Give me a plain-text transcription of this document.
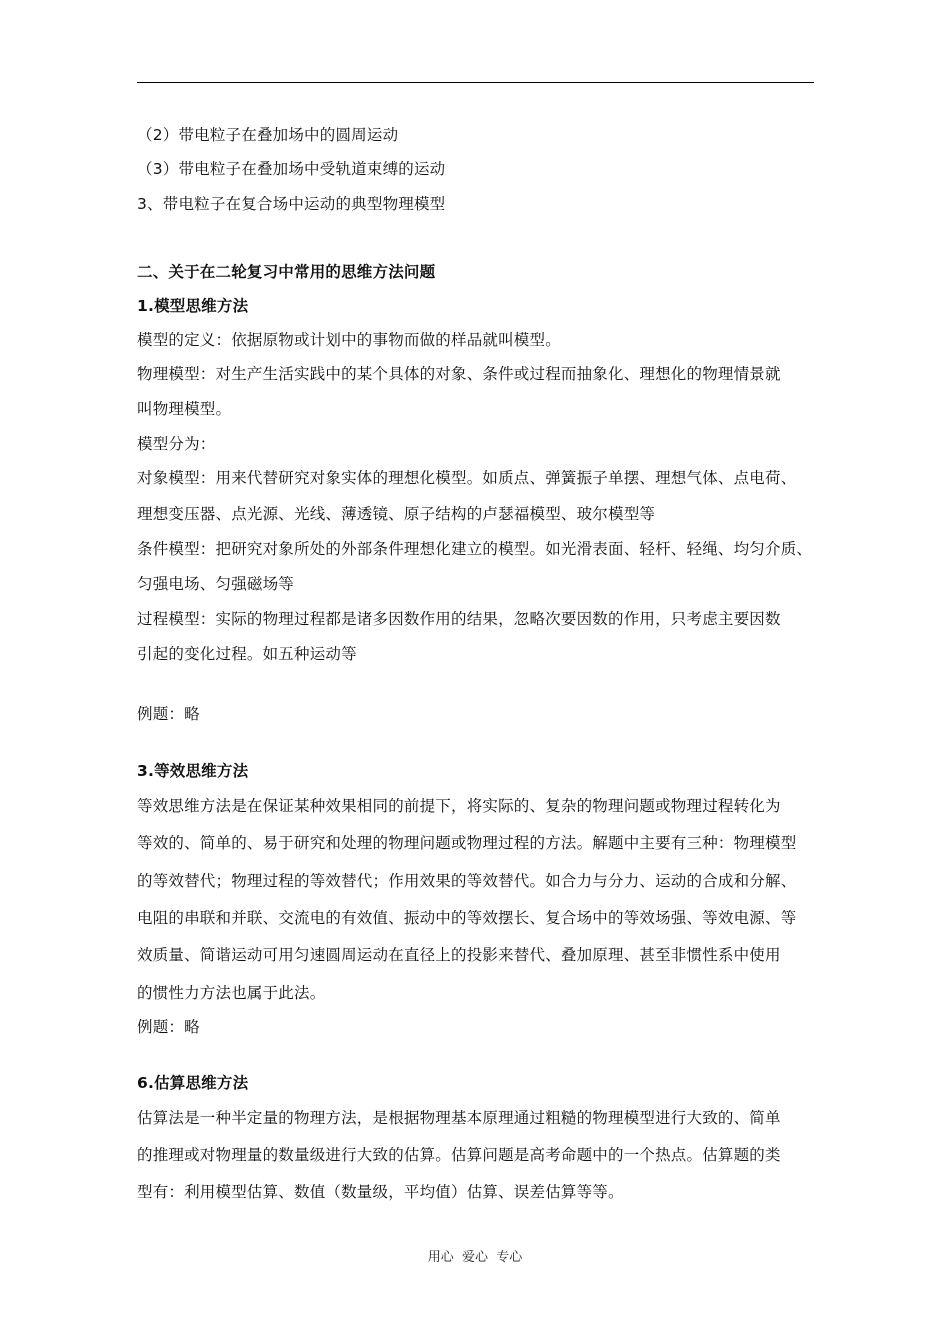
（2）带电粒子在叠加场中的圆周运动
（3）带电粒子在叠加场中受轨道束缚的运动
3、带电粒子在复合场中运动的典型物理模型
二、关于在二轮复习中常用的思维方法问题
1.模型思维方法
模型的定义：依据原物或计划中的事物而做的样品就叫模型。
物理模型：对生产生活实践中的某个具体的对象、条件或过程而抽象化、理想化的物理情景就
叫物理模型。
模型分为：
对象模型：用来代替研究对象实体的理想化模型。如质点、弹簧振子单摆、理想气体、点电荷、
理想变压器、点光源、光线、薄透镜、原子结构的卢瑟福模型、玻尔模型等
条件模型：把研究对象所处的外部条件理想化建立的模型。如光滑表面、轻杆、轻绳、均匀介质、
匀强电场、匀强磁场等
过程模型：实际的物理过程都是诸多因数作用的结果，忽略次要因数的作用，只考虑主要因数
引起的变化过程。如五种运动等
例题：略
3.等效思维方法
等效思维方法是在保证某种效果相同的前提下，将实际的、复杂的物理问题或物理过程转化为
等效的、简单的、易于研究和处理的物理问题或物理过程的方法。解题中主要有三种：物理模型
的等效替代；物理过程的等效替代；作用效果的等效替代。如合力与分力、运动的合成和分解、
电阻的串联和并联、交流电的有效值、振动中的等效摆长、复合场中的等效场强、等效电源、等
效质量、简谐运动可用匀速圆周运动在直径上的投影来替代、叠加原理、甚至非惯性系中使用
的惯性力方法也属于此法。
例题：略
6.估算思维方法
估算法是一种半定量的物理方法，是根据物理基本原理通过粗糙的物理模型进行大致的、简单
的推理或对物理量的数量级进行大致的估算。估算问题是高考命题中的一个热点。估算题的类
型有：利用模型估算、数值（数量级，平均值）估算、误差估算等等。
用心  爱心  专心
